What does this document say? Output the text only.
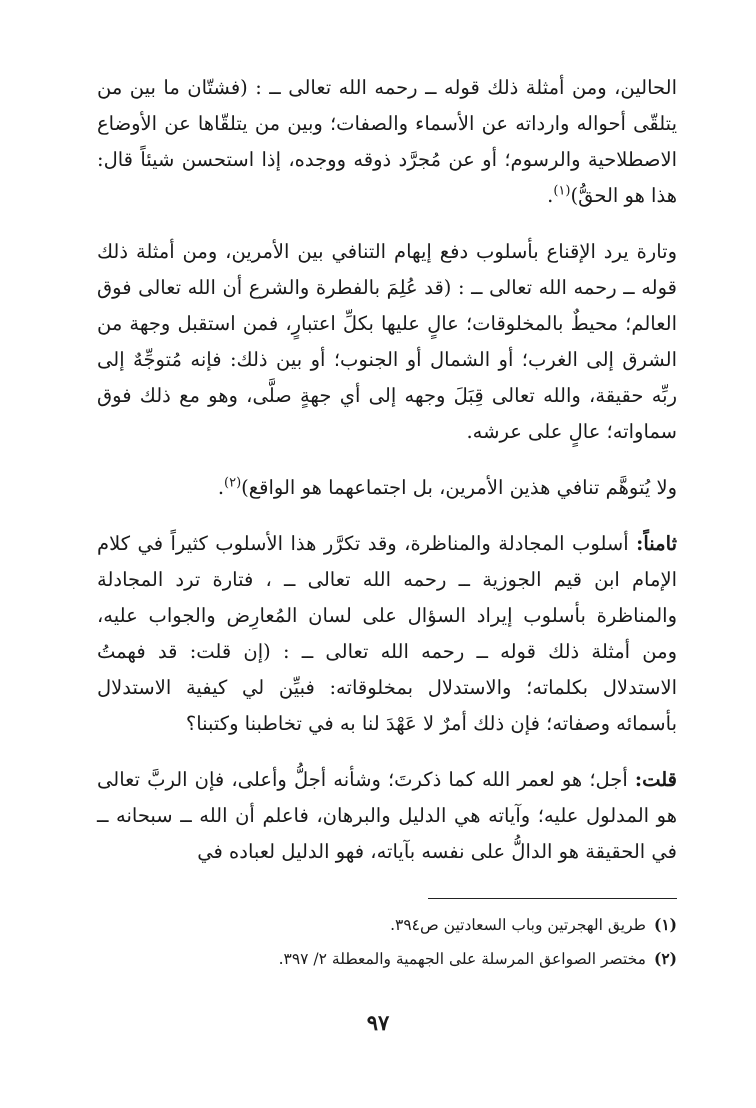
الحالين، ومن أمثلة ذلك قوله ــ رحمه الله تعالى ــ : (فشتّان ما بين من يتلقّى أحواله وارداته عن الأسماء والصفات؛ وبين من يتلقّاها عن الأوضاع الاصطلاحية والرسوم؛ أو عن مُجرَّد ذوقه ووجده، إذا استحسن شيئاً قال: هذا هو الحقُّ)$^{(١)}$.

وتارة يرد الإقناع بأسلوب دفع إيهام التنافي بين الأمرين، ومن أمثلة ذلك قوله ــ رحمه الله تعالى ــ : (قد عُلِمَ بالفطرة والشرع أن الله تعالى فوق العالم؛ محيطٌ بالمخلوقات؛ عالٍ عليها بكلِّ اعتبارٍ، فمن استقبل وجهة من الشرق إلى الغرب؛ أو الشمال أو الجنوب؛ أو بين ذلك: فإنه مُتوجِّهٌ إلى ربِّه حقيقة، والله تعالى قِبَلَ وجهه إلى أي جهةٍ صلَّى، وهو مع ذلك فوق سماواته؛ عالٍ على عرشه.

ولا يُتوهَّم تنافي هذين الأمرين، بل اجتماعهما هو الواقع)$^{(٢)}$.

ثامناً: أسلوب المجادلة والمناظرة، وقد تكرَّر هذا الأسلوب كثيراً في كلام الإمام ابن قيم الجوزية ــ رحمه الله تعالى ــ ، فتارة ترد المجادلة والمناظرة بأسلوب إيراد السؤال على لسان المُعارِض والجواب عليه، ومن أمثلة ذلك قوله ــ رحمه الله تعالى ــ : (إن قلت: قد فهمتُ الاستدلال بكلماته؛ والاستدلال بمخلوقاته: فبيِّن لي كيفية الاستدلال بأسمائه وصفاته؛ فإن ذلك أمرٌ لا عَهْدَ لنا به في تخاطبنا وكتبنا؟

قلت: أجل؛ هو لعمر الله كما ذكرتَ؛ وشأنه أجلُّ وأعلى، فإن الربَّ تعالى هو المدلول عليه؛ وآياته هي الدليل والبرهان، فاعلم أن الله ــ سبحانه ــ في الحقيقة هو الدالُّ على نفسه بآياته، فهو الدليل لعباده في

(١)طريق الهجرتين وباب السعادتين ص٣٩٤.

(٢)مختصر الصواعق المرسلة على الجهمية والمعطلة ٢/ ٣٩٧.

٩٧
